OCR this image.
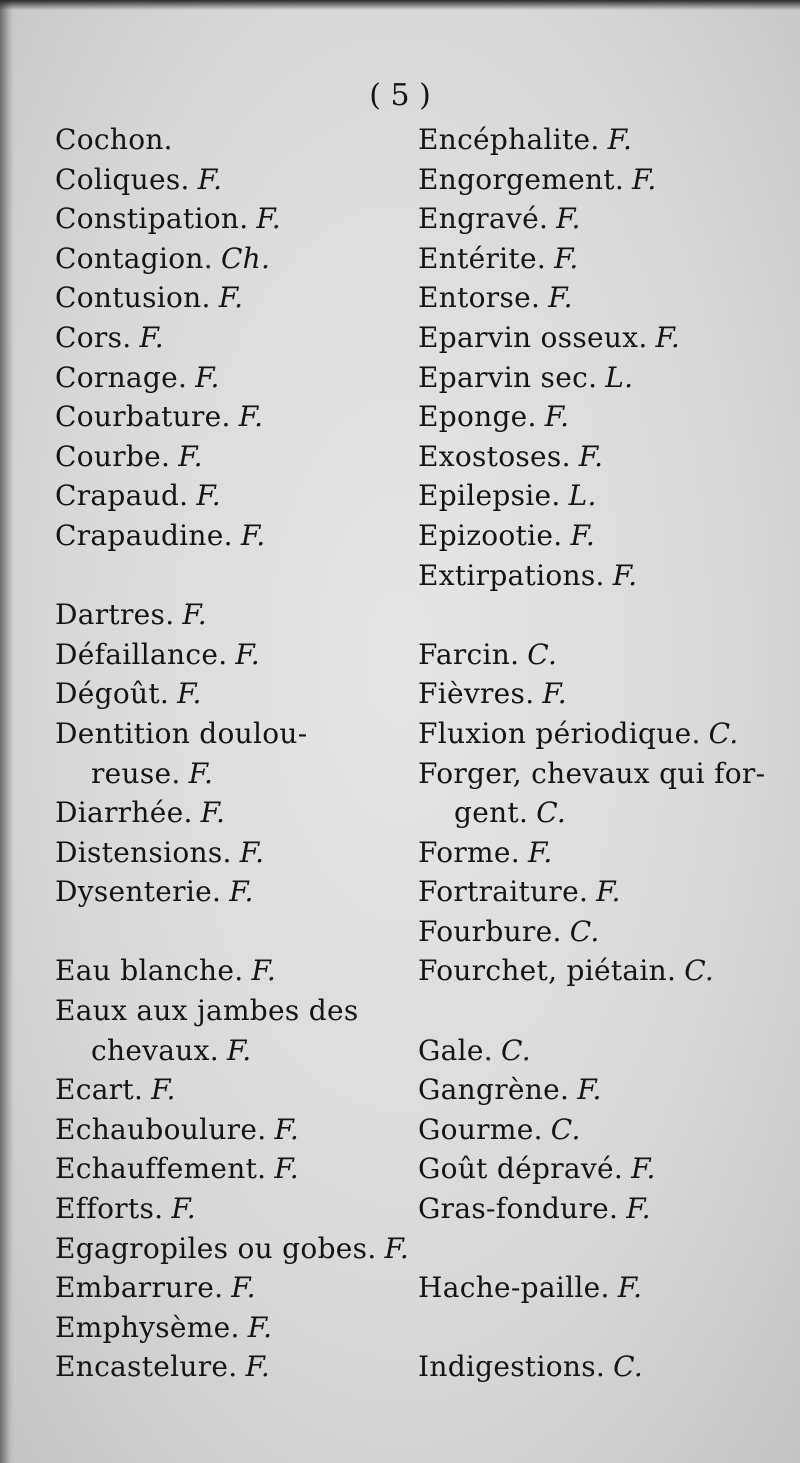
( 5 )
Cochon.
Coliques. F.
Constipation. F.
Contagion. Ch.
Contusion. F.
Cors. F.
Cornage. F.
Courbature. F.
Courbe. F.
Crapaud. F.
Crapaudine. F.
Dartres. F.
Défaillance. F.
Dégoût. F.
Dentition doulou-
reuse. F.
Diarrhée. F.
Distensions. F.
Dysenterie. F.
Eau blanche. F.
Eaux aux jambes des
chevaux. F.
Ecart. F.
Echauboulure. F.
Echauffement. F.
Efforts. F.
Egagropiles ou gobes. F.
Embarrure. F.
Emphysème. F.
Encastelure. F.
Encéphalite. F.
Engorgement. F.
Engravé. F.
Entérite. F.
Entorse. F.
Eparvin osseux. F.
Eparvin sec. L.
Eponge. F.
Exostoses. F.
Epilepsie. L.
Epizootie. F.
Extirpations. F.
Farcin. C.
Fièvres. F.
Fluxion périodique. C.
Forger, chevaux qui for-
gent. C.
Forme. F.
Fortraiture. F.
Fourbure. C.
Fourchet, piétain. C.
Gale. C.
Gangrène. F.
Gourme. C.
Goût dépravé. F.
Gras-fondure. F.
Hache-paille. F.
Indigestions. C.
